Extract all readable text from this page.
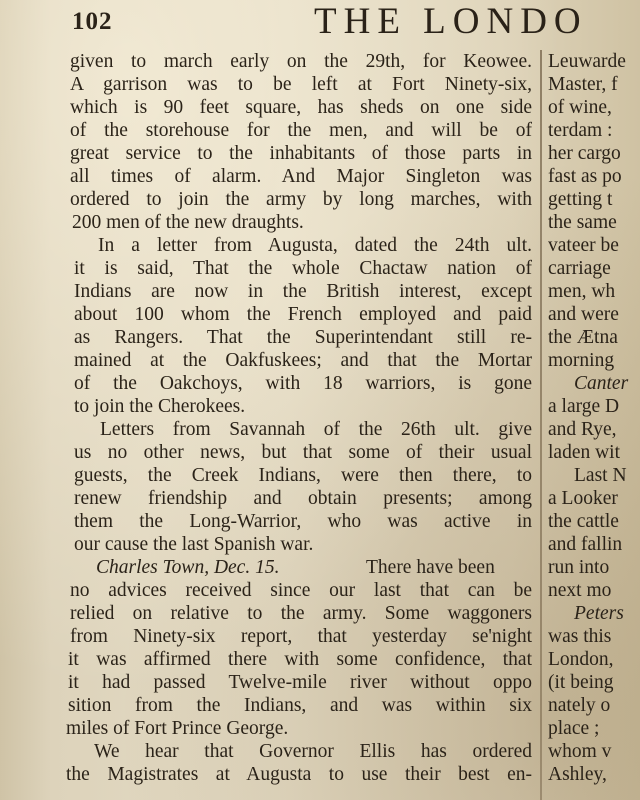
102	THE LONDO
given to march early on the 29th, for Keowee.
A garrison was to be left at Fort Ninety-six,
which is 90 feet square, has sheds on one side
of the storehouse for the men, and will be of
great service to the inhabitants of those parts in
all times of alarm. And Major Singleton was
ordered to join the army by long marches, with
200 men of the new draughts.
In a letter from Augusta, dated the 24th ult.
it is said, That the whole Chactaw nation of
Indians are now in the British interest, except
about 100 whom the French employed and paid
as Rangers. That the Superintendant still re-
mained at the Oakfuskees; and that the Mortar
of the Oakchoys, with 18 warriors, is gone
to join the Cherokees.
Letters from Savannah of the 26th ult. give
us no other news, but that some of their usual
guests, the Creek Indians, were then there, to
renew friendship and obtain presents; among
them the Long-Warrior, who was active in
our cause the last Spanish war.
Charles Town, Dec. 15.	There have been
no advices received since our last that can be
relied on relative to the army. Some waggoners
from Ninety-six report, that yesterday se'night
it was affirmed there with some confidence, that
it had passed Twelve-mile river without oppo
sition from the Indians, and was within six
miles of Fort Prince George.
We hear that Governor Ellis has ordered
the Magistrates at Augusta to use their best en-
Leuwarde
Master, f
of wine,
terdam :
her cargo
fast as po
getting t
the same
vateer be
carriage
men, wh
and were
the Ætna
morning
Canter
a large D
and Rye,
laden wit
Last N
a Looker
the cattle
and fallin
run into
next mo
Peters
was this
London,
(it being
nately o
place ;
whom v
Ashley,
